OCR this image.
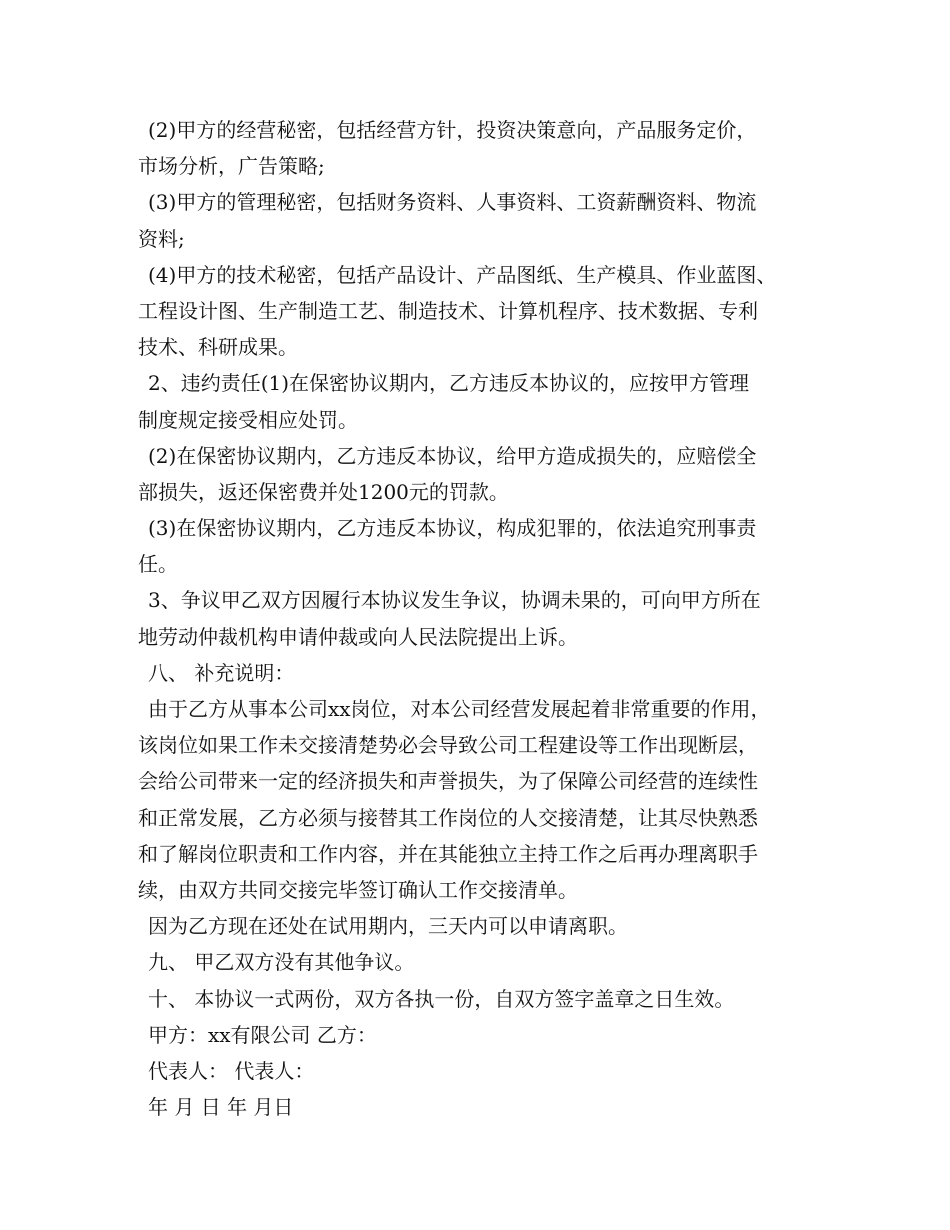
(2)甲方的经营秘密，包括经营方针，投资决策意向，产品服务定价，
市场分析，广告策略;
(3)甲方的管理秘密，包括财务资料、人事资料、工资薪酬资料、物流
资料;
(4)甲方的技术秘密，包括产品设计、产品图纸、生产模具、作业蓝图、
工程设计图、生产制造工艺、制造技术、计算机程序、技术数据、专利
技术、科研成果。
2、违约责任(1)在保密协议期内，乙方违反本协议的，应按甲方管理
制度规定接受相应处罚。
(2)在保密协议期内，乙方违反本协议，给甲方造成损失的，应赔偿全
部损失，返还保密费并处1200元的罚款。
(3)在保密协议期内，乙方违反本协议，构成犯罪的，依法追究刑事责
任。
3、争议甲乙双方因履行本协议发生争议，协调未果的，可向甲方所在
地劳动仲裁机构申请仲裁或向人民法院提出上诉。
八、 补充说明：
由于乙方从事本公司xx岗位，对本公司经营发展起着非常重要的作用，
该岗位如果工作未交接清楚势必会导致公司工程建设等工作出现断层，
会给公司带来一定的经济损失和声誉损失，为了保障公司经营的连续性
和正常发展，乙方必须与接替其工作岗位的人交接清楚，让其尽快熟悉
和了解岗位职责和工作内容，并在其能独立主持工作之后再办理离职手
续，由双方共同交接完毕签订确认工作交接清单。
因为乙方现在还处在试用期内，三天内可以申请离职。
九、 甲乙双方没有其他争议。
十、 本协议一式两份，双方各执一份，自双方签字盖章之日生效。
甲方：xx有限公司 乙方：
代表人： 代表人：
年 月 日 年 月日
